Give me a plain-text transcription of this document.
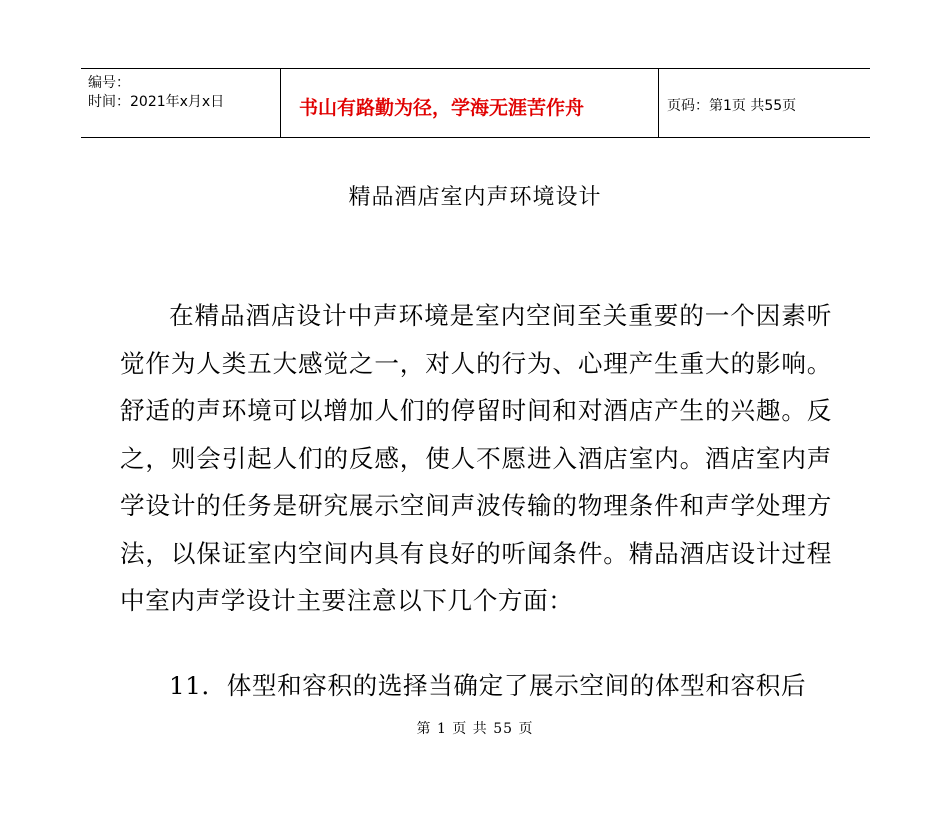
编号：
时间：2021年x月x日	书山有路勤为径，学海无涯苦作舟	页码：第1页 共55页
精品酒店室内声环境设计

在精品酒店设计中声环境是室内空间至关重要的一个因素听觉作为人类五大感觉之一，对人的行为、心理产生重大的影响。舒适的声环境可以增加人们的停留时间和对酒店产生的兴趣。反之，则会引起人们的反感，使人不愿进入酒店室内。酒店室内声学设计的任务是研究展示空间声波传输的物理条件和声学处理方法，以保证室内空间内具有良好的听闻条件。精品酒店设计过程中室内声学设计主要注意以下几个方面：

11．体型和容积的选择当确定了展示空间的体型和容积后

第 1 页 共 55 页
